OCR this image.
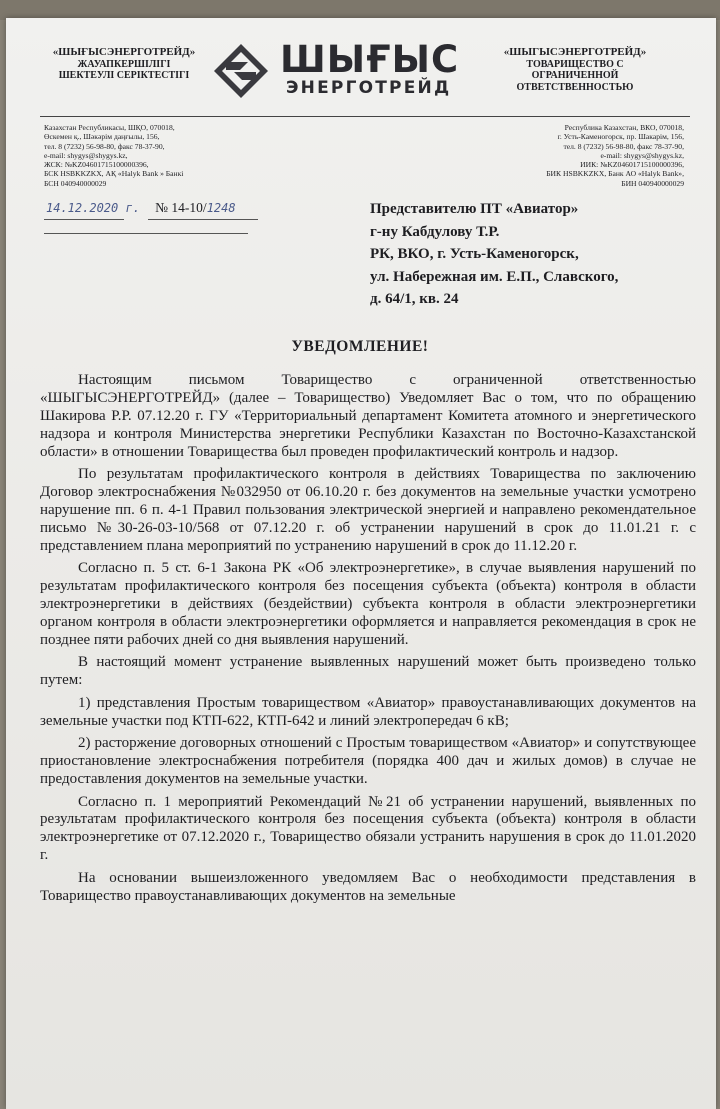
«ШЫҒЫСЭНЕРГОТРЕЙД»
ЖАУАПКЕРШІЛІГІ
ШЕКТЕУЛІ СЕРІКТЕСТІГІ	ШЫҒЫС
ЭНЕРГОТРЕЙД
«ШЫГЫСЭНЕРГОТРЕЙД»
ТОВАРИЩЕСТВО С
ОГРАНИЧЕННОЙ ОТВЕТСТВЕННОСТЬЮ
Казахстан Республикасы, ШҚО, 070018,
Өскемен қ., Шәкәрім даңғылы, 156,
тел. 8 (7232) 56-98-80, факс 78-37-90,
e-mail: shygys@shygys.kz,
ЖСК: №KZ04601715100000396,
БСК HSBKKZKX, АҚ «Halyk Bank » Банкі
БСН 040940000029
Республика Казахстан, ВКО, 070018,
г. Усть-Каменогорск, пр. Шакарім, 156,
тел. 8 (7232) 56-98-80, факс 78-37-90,
e-mail: shygys@shygys.kz,
ИИК: №KZ04601715100000396,
БИК HSBKKZKX, Банк АО «Halyk Bank»,
БИН 040940000029
14.12.2020 г. № 14-10/1248	Представителю ПТ «Авиатор»
г-ну Кабдулову Т.Р.
РК, ВКО, г. Усть-Каменогорск,
ул. Набережная им. Е.П., Славского,
д. 64/1, кв. 24
УВЕДОМЛЕНИЕ!

Настоящим письмом Товарищество с ограниченной ответственностью «ШЫГЫСЭНЕРГОТРЕЙД» (далее – Товарищество) Уведомляет Вас о том, что по обращению Шакирова Р.Р. 07.12.20 г. ГУ «Территориальный департамент Комитета атомного и энергетического надзора и контроля Министерства энергетики Республики Казахстан по Восточно-Казахстанской области» в отношении Товарищества был проведен профилактический контроль и надзор.

По результатам профилактического контроля в действиях Товарищества по заключению Договор электроснабжения №032950 от 06.10.20 г. без документов на земельные участки усмотрено нарушение пп. 6 п. 4-1 Правил пользования электрической энергией и направлено рекомендательное письмо №30-26-03-10/568 от 07.12.20 г. об устранении нарушений в срок до 11.01.21 г. с представлением плана мероприятий по устранению нарушений в срок до 11.12.20 г.

Согласно п. 5 ст. 6-1 Закона РК «Об электроэнергетике», в случае выявления нарушений по результатам профилактического контроля без посещения субъекта (объекта) контроля в области электроэнергетики в действиях (бездействии) субъекта контроля в области электроэнергетики органом контроля в области электроэнергетики оформляется и направляется рекомендация в срок не позднее пяти рабочих дней со дня выявления нарушений.

В настоящий момент устранение выявленных нарушений может быть произведено только путем:

1) представления Простым товариществом «Авиатор» правоустанавливающих документов на земельные участки под КТП-622, КТП-642 и линий электропередач 6 кВ;

2) расторжение договорных отношений с Простым товариществом «Авиатор» и сопутствующее приостановление электроснабжения потребителя (порядка 400 дач и жилых домов) в случае не предоставления документов на земельные участки.

Согласно п. 1 мероприятий Рекомендаций №21 об устранении нарушений, выявленных по результатам профилактического контроля без посещения субъекта (объекта) контроля в области электроэнергетике от 07.12.2020 г., Товарищество обязали устранить нарушения в срок до 11.01.2020 г.

На основании вышеизложенного уведомляем Вас о необходимости представления в Товарищество правоустанавливающих документов на земельные
